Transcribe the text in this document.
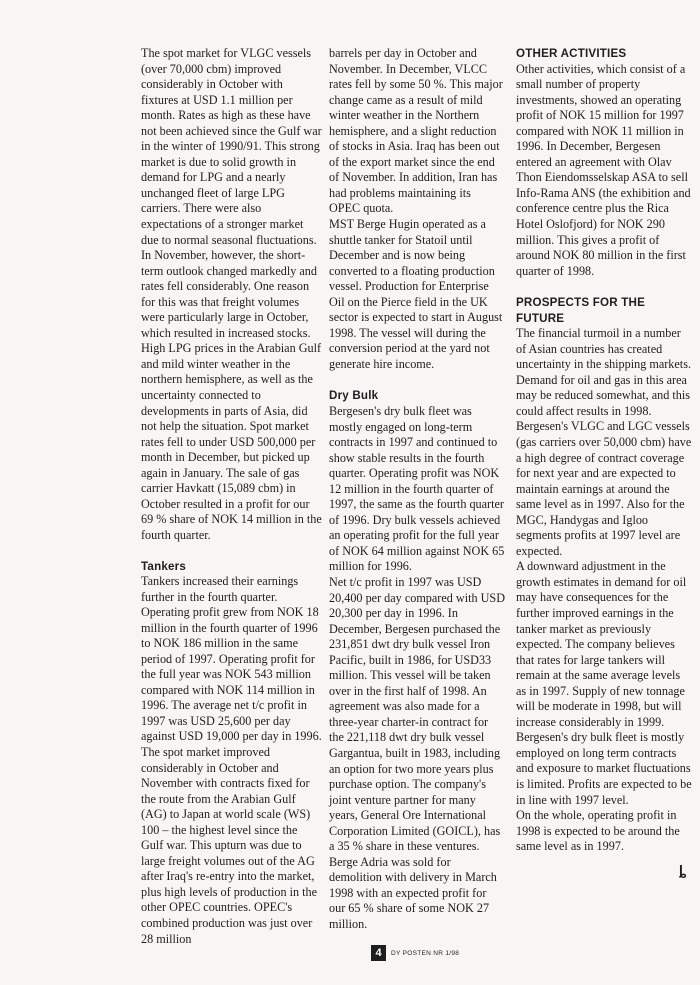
The spot market for VLGC vessels (over 70,000 cbm) improved considerably in October with fixtures at USD 1.1 million per month. Rates as high as these have not been achieved since the Gulf war in the winter of 1990/91. This strong market is due to solid growth in demand for LPG and a nearly unchanged fleet of large LPG carriers. There were also expectations of a stronger market due to normal seasonal fluctuations. In November, however, the short-term outlook changed markedly and rates fell considerably. One reason for this was that freight volumes were particularly large in October, which resulted in increased stocks. High LPG prices in the Arabian Gulf and mild winter weather in the northern hemisphere, as well as the uncertainty connected to developments in parts of Asia, did not help the situation. Spot market rates fell to under USD 500,000 per month in December, but picked up again in January. The sale of gas carrier Havkatt (15,089 cbm) in October resulted in a profit for our 69 % share of NOK 14 million in the fourth quarter.

Tankers

Tankers increased their earnings further in the fourth quarter. Operating profit grew from NOK 18 million in the fourth quarter of 1996 to NOK 186 million in the same period of 1997. Operating profit for the full year was NOK 543 million compared with NOK 114 million in 1996. The average net t/c profit in 1997 was USD 25,600 per day against USD 19,000 per day in 1996. The spot market improved considerably in October and November with contracts fixed for the route from the Arabian Gulf (AG) to Japan at world scale (WS) 100 – the highest level since the Gulf war. This upturn was due to large freight volumes out of the AG after Iraq's re-entry into the market, plus high levels of production in the other OPEC countries. OPEC's combined production was just over 28 million

barrels per day in October and November. In December, VLCC rates fell by some 50 %. This major change came as a result of mild winter weather in the Northern hemisphere, and a slight reduction of stocks in Asia. Iraq has been out of the export market since the end of November. In addition, Iran has had problems maintaining its OPEC quota.

MST Berge Hugin operated as a shuttle tanker for Statoil until December and is now being converted to a floating production vessel. Production for Enterprise Oil on the Pierce field in the UK sector is expected to start in August 1998. The vessel will during the conversion period at the yard not generate hire income.

Dry Bulk

Bergesen's dry bulk fleet was mostly engaged on long-term contracts in 1997 and continued to show stable results in the fourth quarter. Operating profit was NOK 12 million in the fourth quarter of 1997, the same as the fourth quarter of 1996. Dry bulk vessels achieved an operating profit for the full year of NOK 64 million against NOK 65 million for 1996.

Net t/c profit in 1997 was USD 20,400 per day compared with USD 20,300 per day in 1996. In December, Bergesen purchased the 231,851 dwt dry bulk vessel Iron Pacific, built in 1986, for USD33 million. This vessel will be taken over in the first half of 1998. An agreement was also made for a three-year charter-in contract for the 221,118 dwt dry bulk vessel Gargantua, built in 1983, including an option for two more years plus purchase option. The company's joint venture partner for many years, General Ore International Corporation Limited (GOICL), has a 35 % share in these ventures.

Berge Adria was sold for demolition with delivery in March 1998 with an expected profit for our 65 % share of some NOK 27 million.

OTHER ACTIVITIES

Other activities, which consist of a small number of property investments, showed an operating profit of NOK 15 million for 1997 compared with NOK 11 million in 1996. In December, Bergesen entered an agreement with Olav Thon Eiendomsselskap ASA to sell Info-Rama ANS (the exhibition and conference centre plus the Rica Hotel Oslofjord) for NOK 290 million. This gives a profit of around NOK 80 million in the first quarter of 1998.

PROSPECTS FOR THE FUTURE

The financial turmoil in a number of Asian countries has created uncertainty in the shipping markets. Demand for oil and gas in this area may be reduced somewhat, and this could affect results in 1998.

Bergesen's VLGC and LGC vessels (gas carriers over 50,000 cbm) have a high degree of contract coverage for next year and are expected to maintain earnings at around the same level as in 1997. Also for the MGC, Handygas and Igloo segments profits at 1997 level are expected.

A downward adjustment in the growth estimates in demand for oil may have consequences for the further improved earnings in the tanker market as previously expected. The company believes that rates for large tankers will remain at the same average levels as in 1997. Supply of new tonnage will be moderate in 1998, but will increase considerably in 1999.

Bergesen's dry bulk fleet is mostly employed on long term contracts and exposure to market fluctuations is limited. Profits are expected to be in line with 1997 level.

On the whole, operating profit in 1998 is expected to be around the same level as in 1997.

ȴ
4	DY POSTEN NR 1/98
